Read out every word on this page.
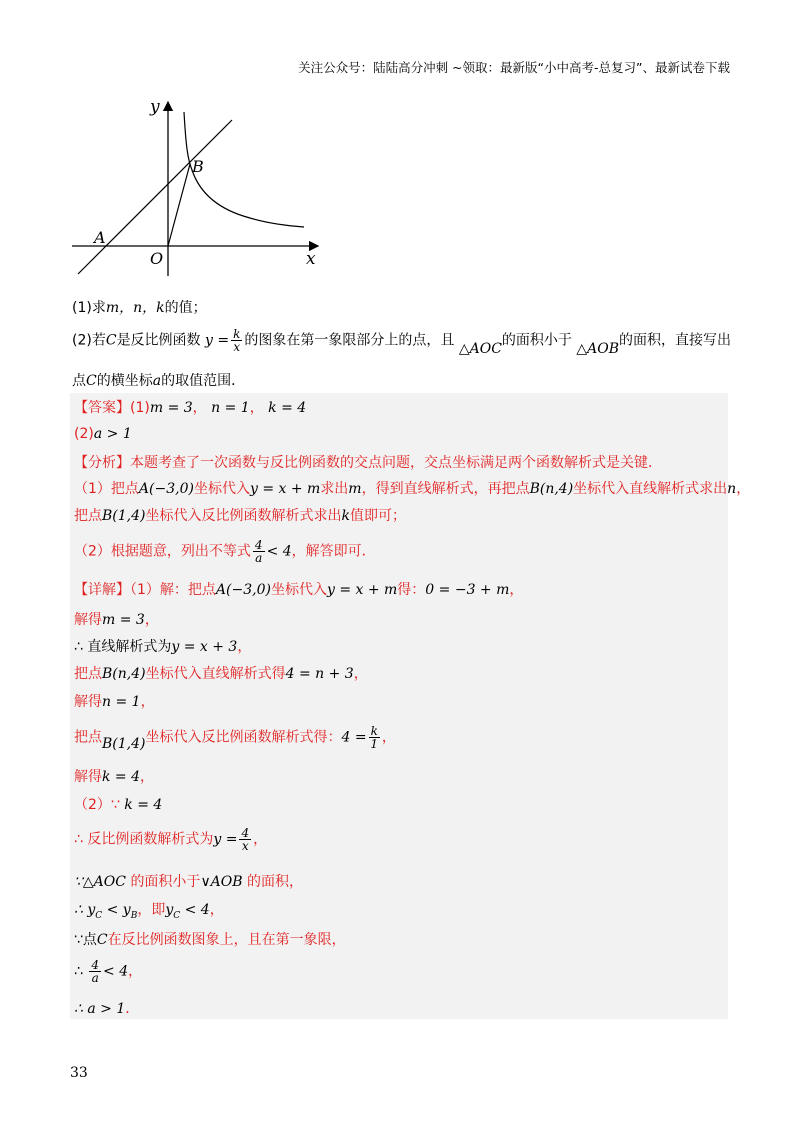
关注公众号：陆陆高分冲刺 ~领取：最新版“小中高考-总复习”、最新试卷下载
y
x
O
A
B
(1)求m，n，k的值；
(2)若C是反比例函数 $y = \frac{k}{x}$ 的图象在第一象限部分上的点，且 △AOC的面积小于 △AOB的面积，直接写出
点C的横坐标a的取值范围．
【答案】(1)m = 3， n = 1， k = 4
(2)a > 1
【分析】本题考查了一次函数与反比例函数的交点问题，交点坐标满足两个函数解析式是关键．
（1）把点A(−3,0)坐标代入y = x + m求出m，得到直线解析式，再把点B(n,4)坐标代入直线解析式求出n，
把点B(1,4)坐标代入反比例函数解析式求出k值即可；
（2）根据题意，列出不等式 $\frac{4}{a} < 4$，解答即可．
【详解】（1）解：把点A(−3,0)坐标代入y = x + m得：0 = −3 + m，
解得m = 3，
∴ 直线解析式为y = x + 3，
把点B(n,4)坐标代入直线解析式得4 = n + 3，
解得n = 1，
把点B(1,4)坐标代入反比例函数解析式得：$4 = \frac{k}{1}$ ，
解得k = 4，
（2）∵ k = 4
∴ 反比例函数解析式为$y = \frac{4}{x}$ ，
∵△AOC 的面积小于∨AOB 的面积，
∴ $y_C < y_B$，即$y_C < 4$，
∵点C在反比例函数图象上，且在第一象限，
∴ $\frac{4}{a} < 4$，
∴ a > 1．
33
